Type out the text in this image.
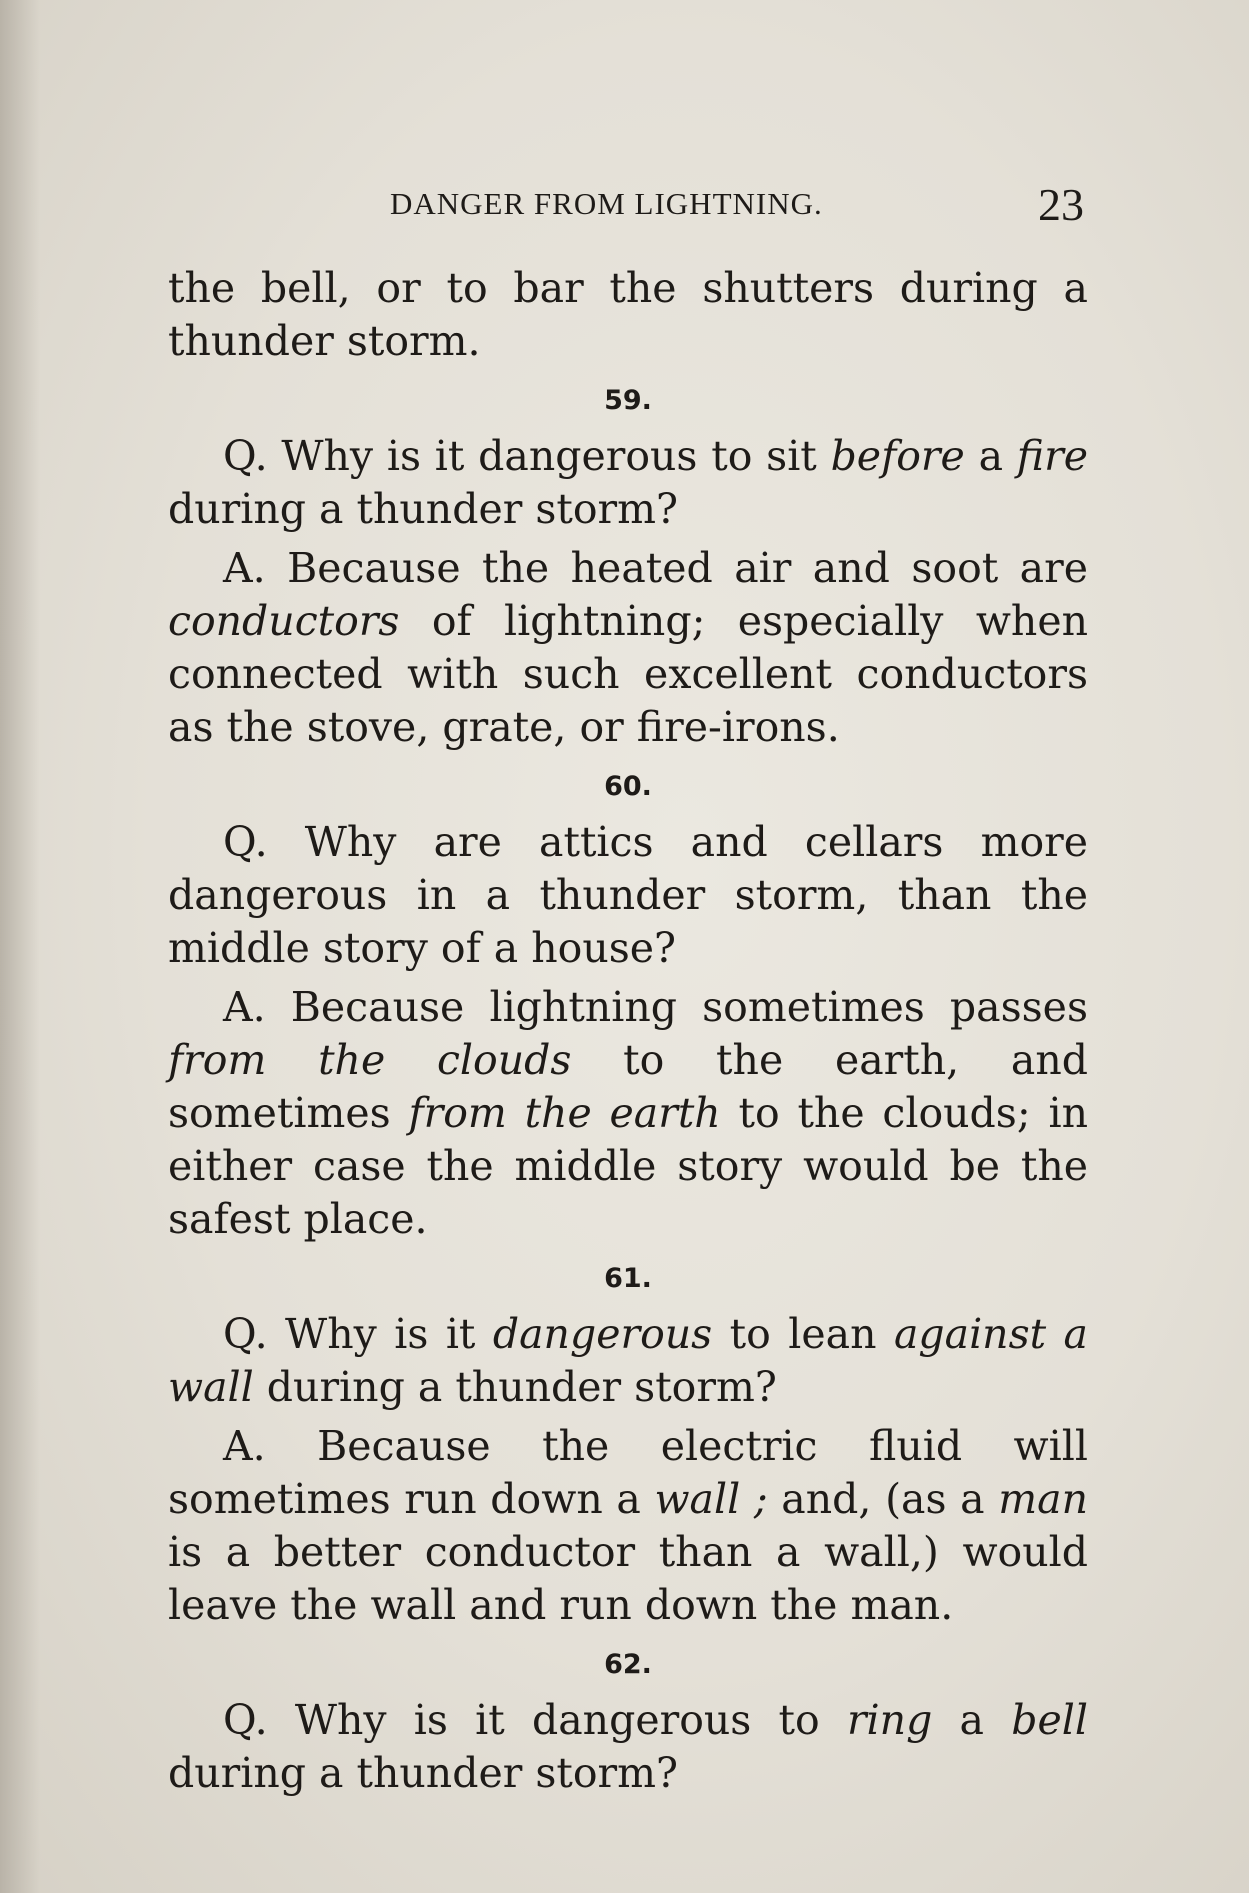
DANGER FROM LIGHTNING.	23

the bell, or to bar the shutters during a thunder storm.

59.

Q. Why is it dangerous to sit before a fire during a thunder storm?

A. Because the heated air and soot are conductors of lightning; especially when connected with such excellent conductors as the stove, grate, or fire-irons.

60.

Q. Why are attics and cellars more dangerous in a thunder storm, than the middle story of a house?

A. Because lightning sometimes passes from the clouds to the earth, and sometimes from the earth to the clouds; in either case the middle story would be the safest place.

61.

Q. Why is it dangerous to lean against a wall during a thunder storm?

A. Because the electric fluid will sometimes run down a wall ; and, (as a man is a better conductor than a wall,) would leave the wall and run down the man.

62.

Q. Why is it dangerous to ring a bell during a thunder storm?
